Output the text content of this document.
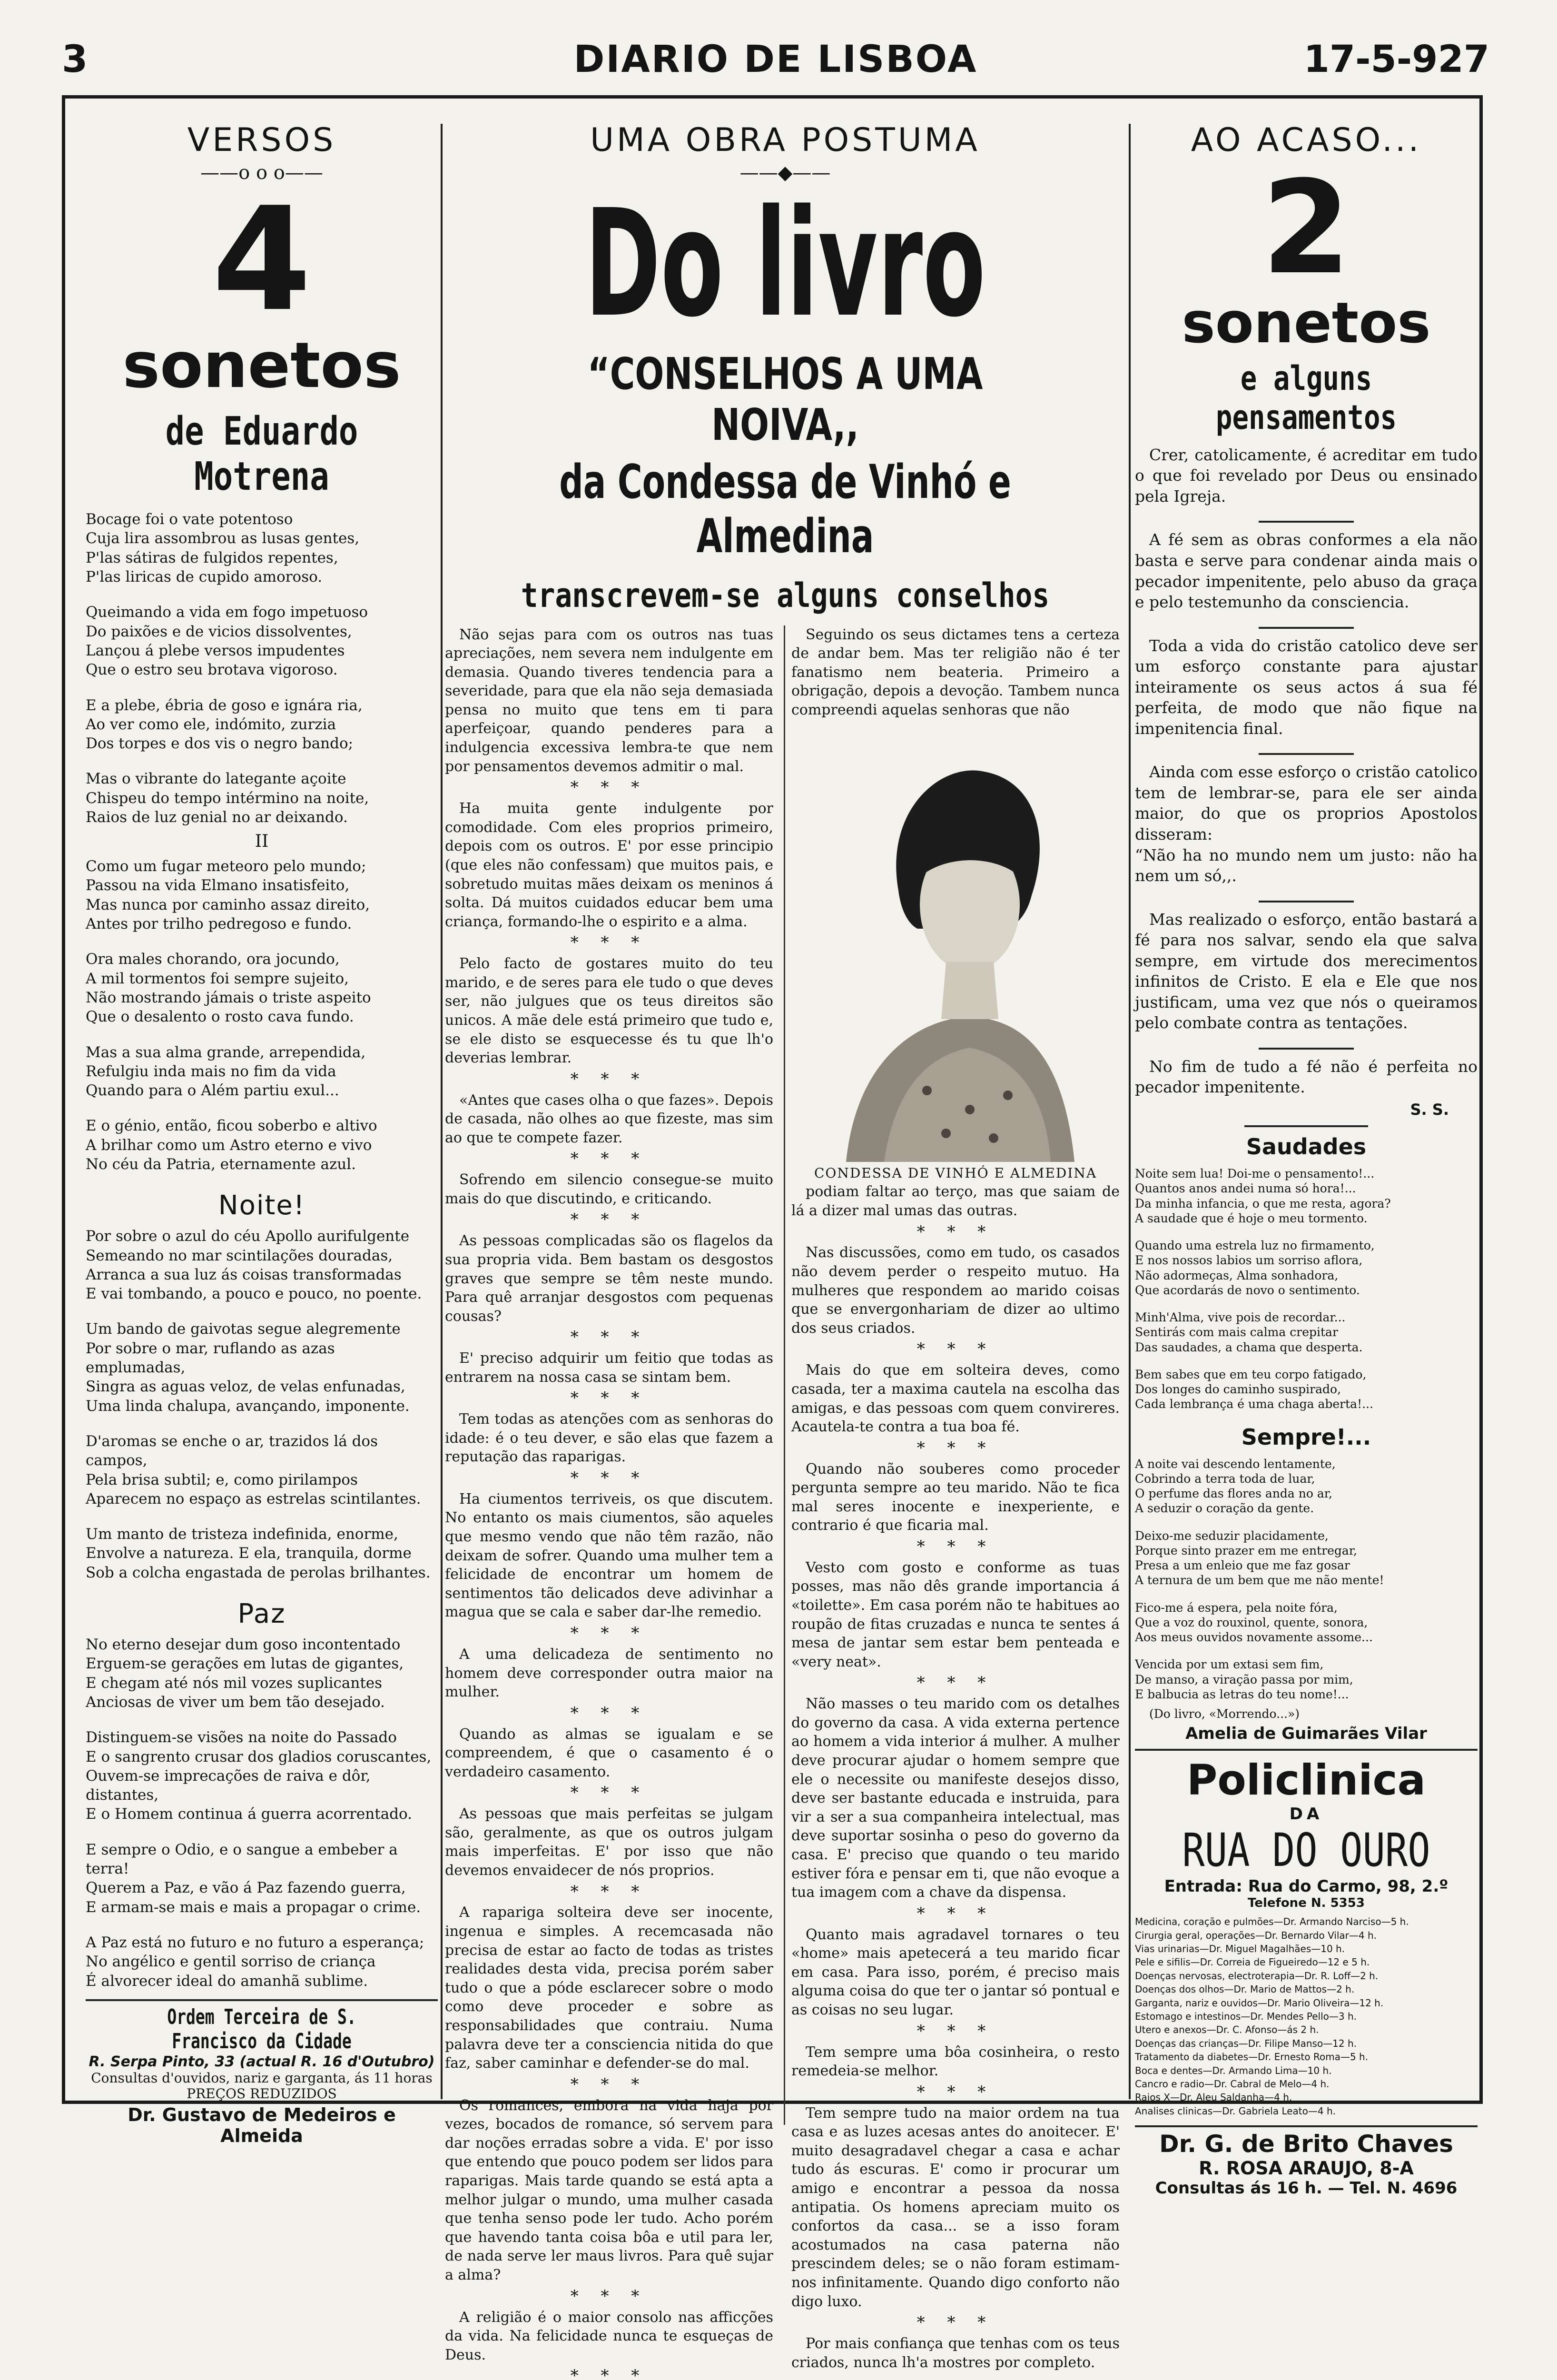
3	DIARIO DE LISBOA	17-5-927
VERSOS
——o o o——
4
sonetos
de Eduardo Motrena

Bocage foi o vate potentoso
Cuja lira assombrou as lusas gentes,
P'las sátiras de fulgidos repentes,
P'las liricas de cupido amoroso.

Queimando a vida em fogo impetuoso
Do paixões e de vicios dissolventes,
Lançou á plebe versos impudentes
Que o estro seu brotava vigoroso.

E a plebe, ébria de goso e ignára ria,
Ao ver como ele, indómito, zurzia
Dos torpes e dos vis o negro bando;

Mas o vibrante do lategante açoite
Chispeu do tempo intérmino na noite,
Raios de luz genial no ar deixando.

II

Como um fugar meteoro pelo mundo;
Passou na vida Elmano insatisfeito,
Mas nunca por caminho assaz direito,
Antes por trilho pedregoso e fundo.

Ora males chorando, ora jocundo,
A mil tormentos foi sempre sujeito,
Não mostrando jámais o triste aspeito
Que o desalento o rosto cava fundo.

Mas a sua alma grande, arrependida,
Refulgiu inda mais no fim da vida
Quando para o Além partiu exul...

E o génio, então, ficou soberbo e altivo
A brilhar como um Astro eterno e vivo
No céu da Patria, eternamente azul.

Noite!

Por sobre o azul do céu Apollo aurifulgente
Semeando no mar scintilações douradas,
Arranca a sua luz ás coisas transformadas
E vai tombando, a pouco e pouco, no poente.

Um bando de gaivotas segue alegremente
Por sobre o mar, ruflando as azas emplumadas,
Singra as aguas veloz, de velas enfunadas,
Uma linda chalupa, avançando, imponente.

D'aromas se enche o ar, trazidos lá dos campos,
Pela brisa subtil; e, como pirilampos
Aparecem no espaço as estrelas scintilantes.

Um manto de tristeza indefinida, enorme,
Envolve a natureza. E ela, tranquila, dorme
Sob a colcha engastada de perolas brilhantes.

Paz

No eterno desejar dum goso incontentado
Erguem-se gerações em lutas de gigantes,
E chegam até nós mil vozes suplicantes
Anciosas de viver um bem tão desejado.

Distinguem-se visões na noite do Passado
E o sangrento crusar dos gladios coruscantes,
Ouvem-se imprecações de raiva e dôr, distantes,
E o Homem continua á guerra acorrentado.

E sempre o Odio, e o sangue a embeber a terra!
Querem a Paz, e vão á Paz fazendo guerra,
E armam-se mais e mais a propagar o crime.

A Paz está no futuro e no futuro a esperança;
No angélico e gentil sorriso de criança
É alvorecer ideal do amanhã sublime.

Ordem Terceira de S. Francisco da Cidade
R. Serpa Pinto, 33 (actual R. 16 d'Outubro)
Consultas d'ouvidos, nariz e garganta, ás 11 horas
PREÇOS REDUZIDOS
Dr. Gustavo de Medeiros e Almeida
UMA OBRA POSTUMA
——◆——
Do livro
“CONSELHOS A UMA NOIVA,,
da Condessa de Vinhó e Almedina
transcrevem-se alguns conselhos

Não sejas para com os outros nas tuas apreciações, nem severa nem indulgente em demasia. Quando tiveres tendencia para a severidade, para que ela não seja demasiada pensa no muito que tens em ti para aperfeiçoar, quando penderes para a indulgencia excessiva lembra-te que nem por pensamentos devemos admitir o mal.

* * *

Ha muita gente indulgente por comodidade. Com eles proprios primeiro, depois com os outros. E' por esse principio (que eles não confessam) que muitos pais, e sobretudo muitas mães deixam os meninos á solta. Dá muitos cuidados educar bem uma criança, formando-lhe o espirito e a alma.

* * *

Pelo facto de gostares muito do teu marido, e de seres para ele tudo o que deves ser, não julgues que os teus direitos são unicos. A mãe dele está primeiro que tudo e, se ele disto se esquecesse és tu que lh'o deverias lembrar.

* * *

«Antes que cases olha o que fazes». Depois de casada, não olhes ao que fizeste, mas sim ao que te compete fazer.

* * *

Sofrendo em silencio consegue-se muito mais do que discutindo, e criticando.

* * *

As pessoas complicadas são os flagelos da sua propria vida. Bem bastam os desgostos graves que sempre se têm neste mundo. Para quê arranjar desgostos com pequenas cousas?

* * *

E' preciso adquirir um feitio que todas as entrarem na nossa casa se sintam bem.

* * *

Tem todas as atenções com as senhoras do idade: é o teu dever, e são elas que fazem a reputação das raparigas.

* * *

Ha ciumentos terriveis, os que discutem. No entanto os mais ciumentos, são aqueles que mesmo vendo que não têm razão, não deixam de sofrer. Quando uma mulher tem a felicidade de encontrar um homem de sentimentos tão delicados deve adivinhar a magua que se cala e saber dar-lhe remedio.

* * *

A uma delicadeza de sentimento no homem deve corresponder outra maior na mulher.

* * *

Quando as almas se igualam e se compreendem, é que o casamento é o verdadeiro casamento.

* * *

As pessoas que mais perfeitas se julgam são, geralmente, as que os outros julgam mais imperfeitas. E' por isso que não devemos envaidecer de nós proprios.

* * *

A rapariga solteira deve ser inocente, ingenua e simples. A recemcasada não precisa de estar ao facto de todas as tristes realidades desta vida, precisa porém saber tudo o que a póde esclarecer sobre o modo como deve proceder e sobre as responsabilidades que contraiu. Numa palavra deve ter a consciencia nitida do que faz, saber caminhar e defender-se do mal.

* * *

Os romances, embora na vida haja por vezes, bocados de romance, só servem para dar noções erradas sobre a vida. E' por isso que entendo que pouco podem ser lidos para raparigas. Mais tarde quando se está apta a melhor julgar o mundo, uma mulher casada que tenha senso pode ler tudo. Acho porém que havendo tanta coisa bôa e util para ler, de nada serve ler maus livros. Para quê sujar a alma?

* * *

A religião é o maior consolo nas afficções da vida. Na felicidade nunca te esqueças de Deus.

* * *

Seguindo os seus dictames tens a certeza de andar bem. Mas ter religião não é ter fanatismo nem beateria. Primeiro a obrigação, depois a devoção. Tambem nunca compreendi aquelas senhoras que não

CONDESSA DE VINHÓ E ALMEDINA

podiam faltar ao terço, mas que saiam de lá a dizer mal umas das outras.

* * *

Nas discussões, como em tudo, os casados não devem perder o respeito mutuo. Ha mulheres que respondem ao marido coisas que se envergonhariam de dizer ao ultimo dos seus criados.

* * *

Mais do que em solteira deves, como casada, ter a maxima cautela na escolha das amigas, e das pessoas com quem convireres. Acautela-te contra a tua boa fé.

* * *

Quando não souberes como proceder pergunta sempre ao teu marido. Não te fica mal seres inocente e inexperiente, e contrario é que ficaria mal.

* * *

Vesto com gosto e conforme as tuas posses, mas não dês grande importancia á «toilette». Em casa porém não te habitues ao roupão de fitas cruzadas e nunca te sentes á mesa de jantar sem estar bem penteada e «very neat».

* * *

Não masses o teu marido com os detalhes do governo da casa. A vida externa pertence ao homem a vida interior á mulher. A mulher deve procurar ajudar o homem sempre que ele o necessite ou manifeste desejos disso, deve ser bastante educada e instruida, para vir a ser a sua companheira intelectual, mas deve suportar sosinha o peso do governo da casa. E' preciso que quando o teu marido estiver fóra e pensar em ti, que não evoque a tua imagem com a chave da dispensa.

* * *

Quanto mais agradavel tornares o teu «home» mais apetecerá a teu marido ficar em casa. Para isso, porém, é preciso mais alguma coisa do que ter o jantar só pontual e as coisas no seu lugar.

* * *

Tem sempre uma bôa cosinheira, o resto remedeia-se melhor.

* * *

Tem sempre tudo na maior ordem na tua casa e as luzes acesas antes do anoitecer. E' muito desagradavel chegar a casa e achar tudo ás escuras. E' como ir procurar um amigo e encontrar a pessoa da nossa antipatia. Os homens apreciam muito os confortos da casa... se a isso foram acostumados na casa paterna não prescindem deles; se o não foram estimam-nos infinitamente. Quando digo conforto não digo luxo.

* * *

Por mais confiança que tenhas com os teus criados, nunca lh'a mostres por completo.

AO ACASO...
2
sonetos
e alguns pensamentos

Crer, catolicamente, é acreditar em tudo o que foi revelado por Deus ou ensinado pela Igreja.

A fé sem as obras conformes a ela não basta e serve para condenar ainda mais o pecador impenitente, pelo abuso da graça e pelo testemunho da consciencia.

Toda a vida do cristão catolico deve ser um esforço constante para ajustar inteiramente os seus actos á sua fé perfeita, de modo que não fique na impenitencia final.

Ainda com esse esforço o cristão catolico tem de lembrar-se, para ele ser ainda maior, do que os proprios Apostolos disseram:
“Não ha no mundo nem um justo: não ha nem um só,,.

Mas realizado o esforço, então bastará a fé para nos salvar, sendo ela que salva sempre, em virtude dos merecimentos infinitos de Cristo. E ela e Ele que nos justificam, uma vez que nós o queiramos pelo combate contra as tentações.

No fim de tudo a fé não é perfeita no pecador impenitente.

S. S.
Saudades

Noite sem lua! Doi-me o pensamento!...
Quantos anos andei numa só hora!...
Da minha infancia, o que me resta, agora?
A saudade que é hoje o meu tormento.

Quando uma estrela luz no firmamento,
E nos nossos labios um sorriso aflora,
Não adormeças, Alma sonhadora,
Que acordarás de novo o sentimento.

Minh'Alma, vive pois de recordar...
Sentirás com mais calma crepitar
Das saudades, a chama que desperta.

Bem sabes que em teu corpo fatigado,
Dos longes do caminho suspirado,
Cada lembrança é uma chaga aberta!...

Sempre!...

A noite vai descendo lentamente,
Cobrindo a terra toda de luar,
O perfume das flores anda no ar,
A seduzir o coração da gente.

Deixo-me seduzir placidamente,
Porque sinto prazer em me entregar,
Presa a um enleio que me faz gosar
A ternura de um bem que me não mente!

Fico-me á espera, pela noite fóra,
Que a voz do rouxinol, quente, sonora,
Aos meus ouvidos novamente assome...

Vencida por um extasi sem fim,
De manso, a viração passa por mim,
E balbucia as letras do teu nome!...

(Do livro, «Morrendo...»)

Amelia de Guimarães Vilar
Policlinica
DA
RUA DO OURO
Entrada: Rua do Carmo, 98, 2.º
Telefone N. 5353
Medicina, coração e pulmões—Dr. Armando Narciso—5 h.
Cirurgia geral, operações—Dr. Bernardo Vilar—4 h.
Vias urinarias—Dr. Miguel Magalhães—10 h.
Pele e sifilis—Dr. Correia de Figueiredo—12 e 5 h.
Doenças nervosas, electroterapia—Dr. R. Loff—2 h.
Doenças dos olhos—Dr. Mario de Mattos—2 h.
Garganta, nariz e ouvidos—Dr. Mario Oliveira—12 h.
Estomago e intestinos—Dr. Mendes Pello—3 h.
Utero e anexos—Dr. C. Afonso—ás 2 h.
Doenças das crianças—Dr. Filipe Manso—12 h.
Tratamento da diabetes—Dr. Ernesto Roma—5 h.
Boca e dentes—Dr. Armando Lima—10 h.
Cancro e radio—Dr. Cabral de Melo—4 h.
Raios X—Dr. Aleu Saldanha—4 h.
Analises clinicas—Dr. Gabriela Leato—4 h.
Dr. G. de Brito Chaves
R. ROSA ARAUJO, 8-A
Consultas ás 16 h. — Tel. N. 4696
